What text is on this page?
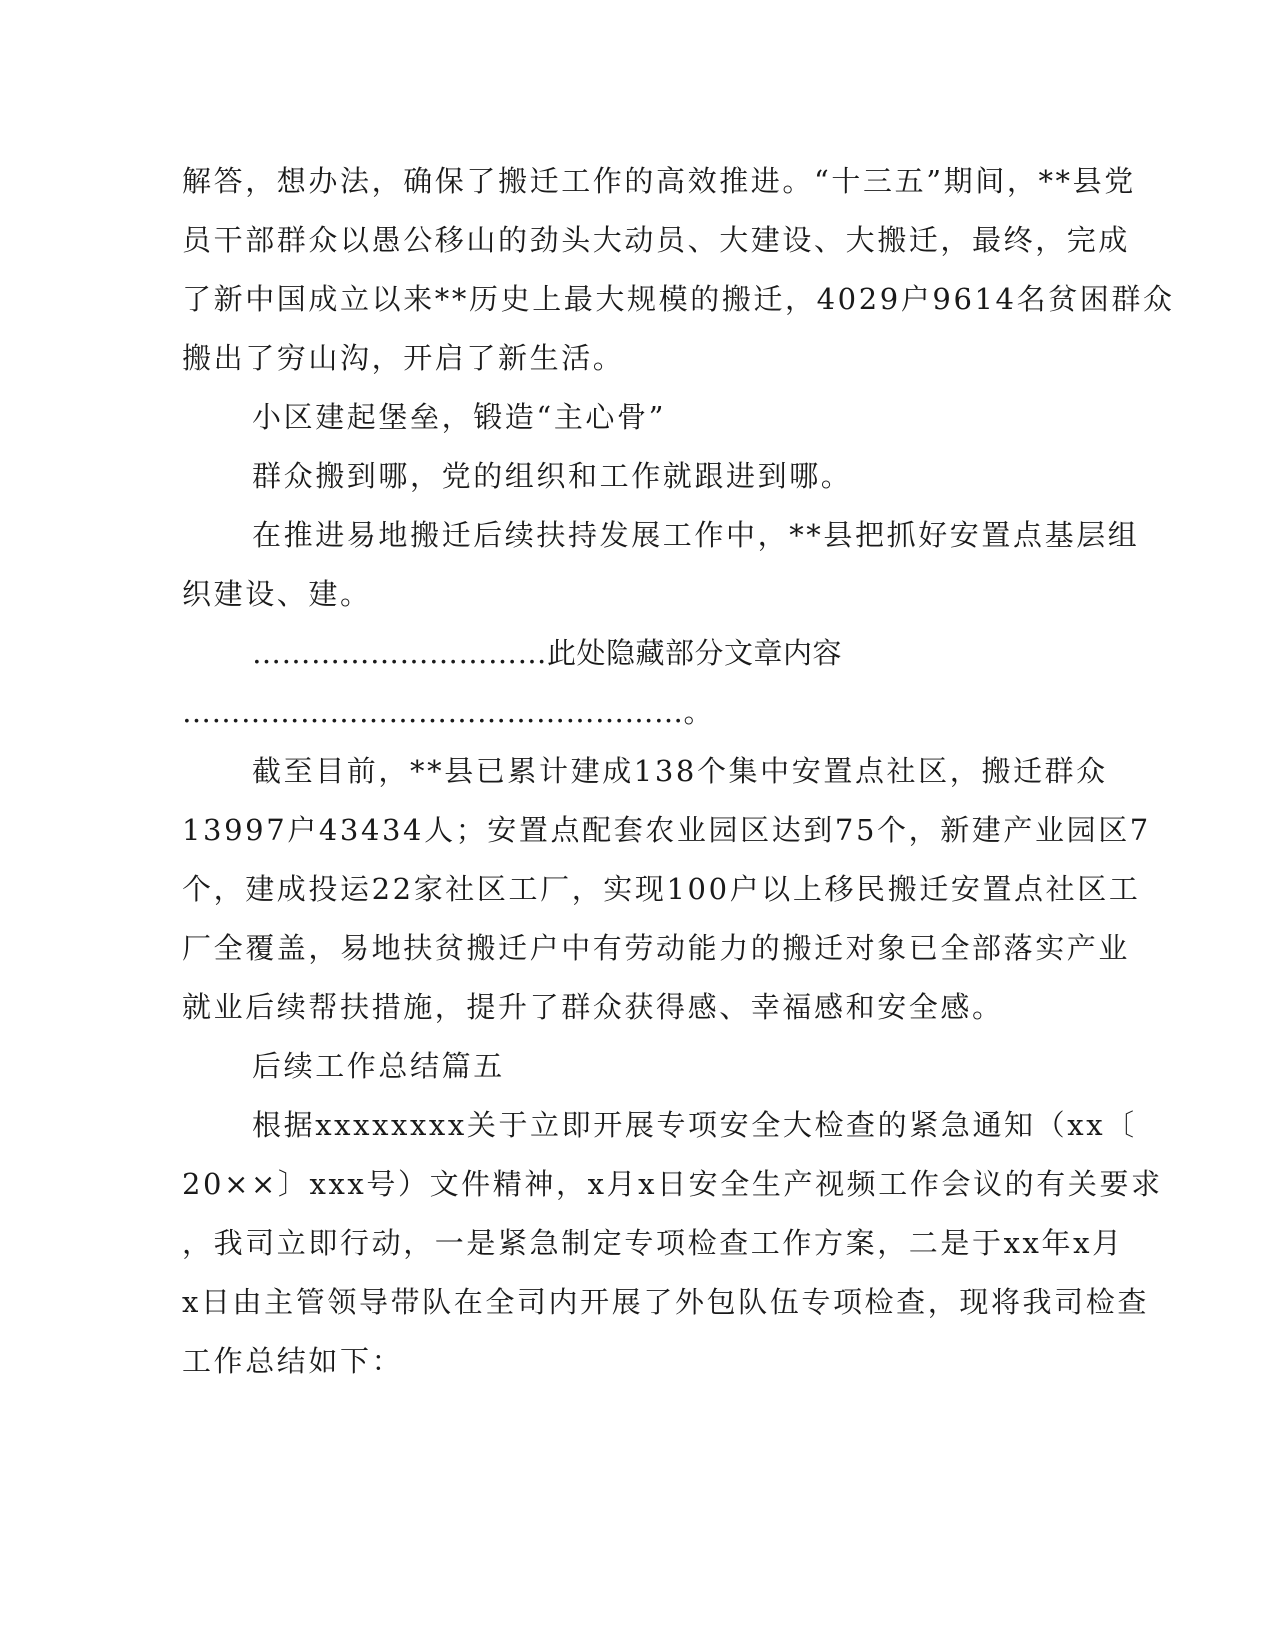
解答，想办法，确保了搬迁工作的高效推进。“十三五”期间，**县党
员干部群众以愚公移山的劲头大动员、大建设、大搬迁，最终，完成
了新中国成立以来**历史上最大规模的搬迁，4029户9614名贫困群众
搬出了穷山沟，开启了新生活。
小区建起堡垒，锻造“主心骨”
群众搬到哪，党的组织和工作就跟进到哪。
在推进易地搬迁后续扶持发展工作中，**县把抓好安置点基层组
织建设、建。
…………………………此处隐藏部分文章内容
……………………………………………。
截至目前，**县已累计建成138个集中安置点社区，搬迁群众
13997户43434人；安置点配套农业园区达到75个，新建产业园区7
个，建成投运22家社区工厂，实现100户以上移民搬迁安置点社区工
厂全覆盖，易地扶贫搬迁户中有劳动能力的搬迁对象已全部落实产业
就业后续帮扶措施，提升了群众获得感、幸福感和安全感。
后续工作总结篇五
根据xxxxxxxx关于立即开展专项安全大检查的紧急通知（xx〔
20××〕xxx号）文件精神，x月x日安全生产视频工作会议的有关要求
，我司立即行动，一是紧急制定专项检查工作方案，二是于xx年x月
x日由主管领导带队在全司内开展了外包队伍专项检查，现将我司检查
工作总结如下：
